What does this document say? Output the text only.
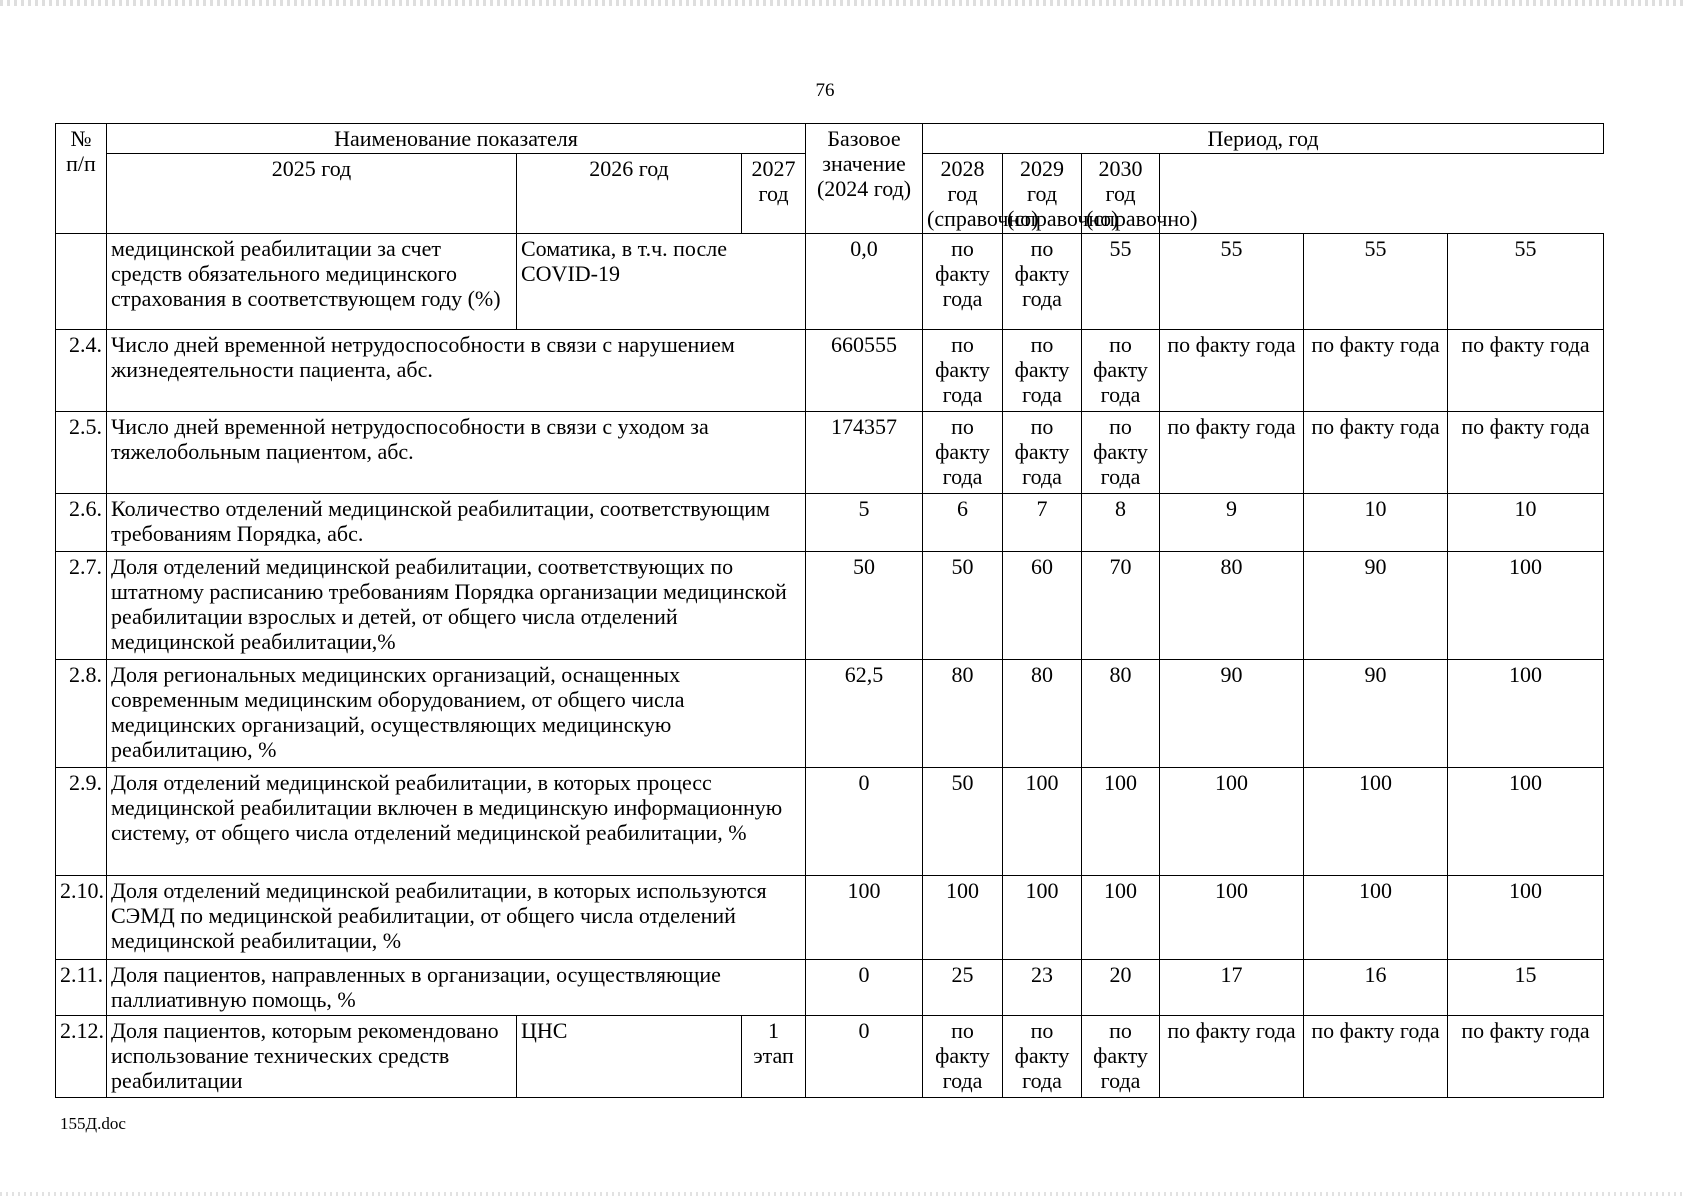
76
№ п/п	Наименование показателя			Базовое значение (2024 год)	Период, год					
	2025 год	2026 год	2027 год		2028 год (справочно)	2029 год (справочно)	2030 год (справочно)			
	медицинской реабилитации за счет средств обязательного медицинского страхования в соответствующем году (%)	Соматика, в т.ч. после COVID-19		0,0	по факту года	по факту года	55	55	55	55
2.4.	Число дней временной нетрудоспособности в связи с нарушением жизнедеятельности пациента, абс.			660555	по факту года	по факту года	по факту года	по факту года	по факту года	по факту года
2.5.	Число дней временной нетрудоспособности в связи с уходом за тяжелобольным пациентом, абс.			174357	по факту года	по факту года	по факту года	по факту года	по факту года	по факту года
2.6.	Количество отделений медицинской реабилитации, соответствующим требованиям Порядка, абс.			5	6	7	8	9	10	10
2.7.	Доля отделений медицинской реабилитации, соответствующих по штатному расписанию требованиям Порядка организации медицинской реабилитации взрослых и детей, от общего числа отделений медицинской реабилитации,%			50	50	60	70	80	90	100
2.8.	Доля региональных медицинских организаций, оснащенных современным медицинским оборудованием, от общего числа медицинских организаций, осуществляющих медицинскую реабилитацию, %			62,5	80	80	80	90	90	100
2.9.	Доля отделений медицинской реабилитации, в которых процесс медицинской реабилитации включен в медицинскую информационную систему, от общего числа отделений медицинской реабилитации, %			0	50	100	100	100	100	100
2.10.	Доля отделений медицинской реабилитации, в которых используются СЭМД по медицинской реабилитации, от общего числа отделений медицинской реабилитации, %			100	100	100	100	100	100	100
2.11.	Доля пациентов, направленных в организации, осуществляющие паллиативную помощь, %			0	25	23	20	17	16	15
2.12.	Доля пациентов, которым рекомендовано использование технических средств реабилитации	ЦНС	1 этап	0	по факту года	по факту года	по факту года	по факту года	по факту года	по факту года
155Д.doc
